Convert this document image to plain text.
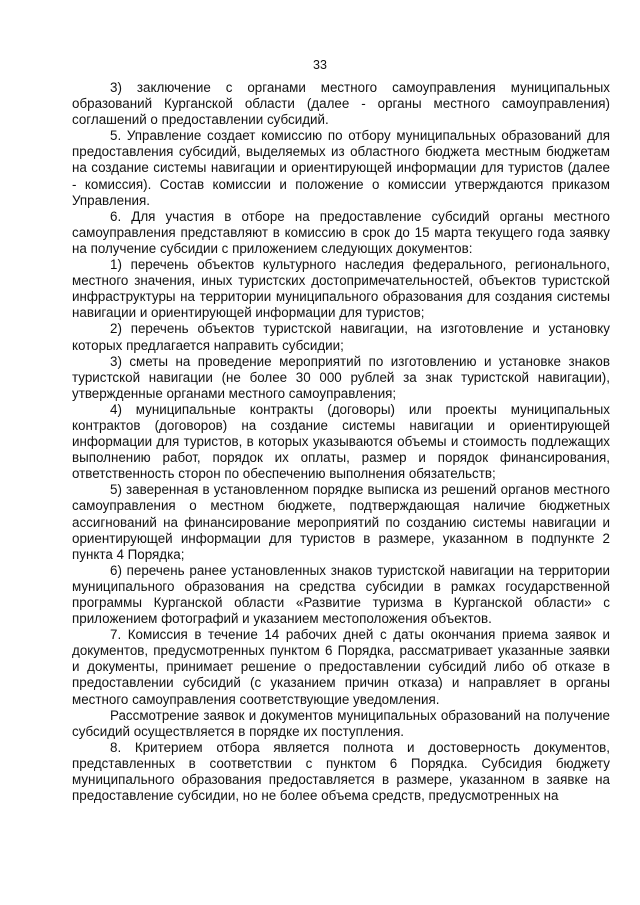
33

3) заключение с органами местного самоуправления муниципальных образований Курганской области (далее - органы местного самоуправления) соглашений о предоставлении субсидий.

5. Управление создает комиссию по отбору муниципальных образований для предоставления субсидий, выделяемых из областного бюджета местным бюджетам на создание системы навигации и ориентирующей информации для туристов (далее - комиссия). Состав комиссии и положение о комиссии утверждаются приказом Управления.

6. Для участия в отборе на предоставление субсидий органы местного самоуправления представляют в комиссию в срок до 15 марта текущего года заявку на получение субсидии с приложением следующих документов:

1) перечень объектов культурного наследия федерального, регионального, местного значения, иных туристских достопримечательностей, объектов туристской инфраструктуры на территории муниципального образования для создания системы навигации и ориентирующей информации для туристов;

2) перечень объектов туристской навигации, на изготовление и установку которых предлагается направить субсидии;

3) сметы на проведение мероприятий по изготовлению и установке знаков туристской навигации (не более 30 000 рублей за знак туристской навигации), утвержденные органами местного самоуправления;

4) муниципальные контракты (договоры) или проекты муниципальных контрактов (договоров) на создание системы навигации и ориентирующей информации для туристов, в которых указываются объемы и стоимость подлежащих выполнению работ, порядок их оплаты, размер и порядок финансирования, ответственность сторон по обеспечению выполнения обязательств;

5) заверенная в установленном порядке выписка из решений органов местного самоуправления о местном бюджете, подтверждающая наличие бюджетных ассигнований на финансирование мероприятий по созданию системы навигации и ориентирующей информации для туристов в размере, указанном в подпункте 2 пункта 4 Порядка;

6) перечень ранее установленных знаков туристской навигации на территории муниципального образования на средства субсидии в рамках государственной программы Курганской области «Развитие туризма в Курганской области» с приложением фотографий и указанием местоположения объектов.

7. Комиссия в течение 14 рабочих дней с даты окончания приема заявок и документов, предусмотренных пунктом 6 Порядка, рассматривает указанные заявки и документы, принимает решение о предоставлении субсидий либо об отказе в предоставлении субсидий (с указанием причин отказа) и направляет в органы местного самоуправления соответствующие уведомления.

Рассмотрение заявок и документов муниципальных образований на получение субсидий осуществляется в порядке их поступления.

8. Критерием отбора является полнота и достоверность документов, представленных в соответствии с пунктом 6 Порядка. Субсидия бюджету муниципального образования предоставляется в размере, указанном в заявке на предоставление субсидии, но не более объема средств, предусмотренных на
